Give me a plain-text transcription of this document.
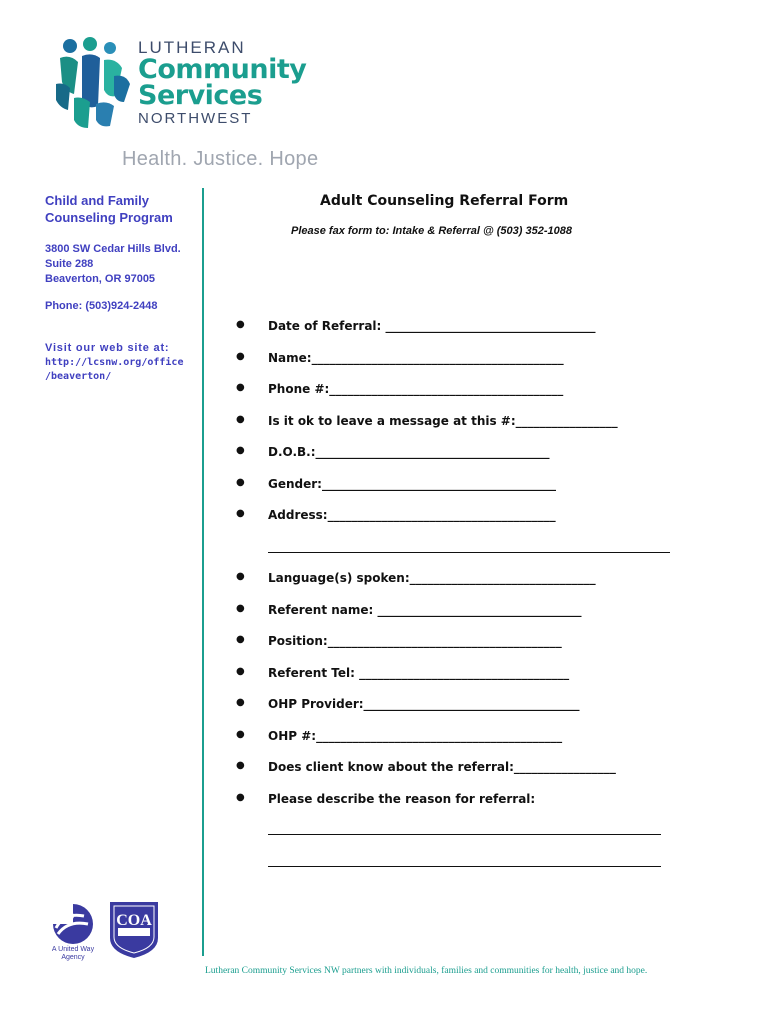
LUTHERAN
Community
Services
NORTHWEST
Health. Justice. Hope
Child and Family
Counseling Program
3800 SW Cedar Hills Blvd.
Suite 288
Beaverton, OR 97005
Phone: (503)924-2448
Visit our web site at:
http://lcsnw.org/office
/beaverton/
Adult Counseling Referral Form
Please fax form to: Intake & Referral @ (503) 352-1088
● Date of Referral: ___________________________________
● Name:__________________________________________
● Phone #:_______________________________________
● Is it ok to leave a message at this #:_________________
● D.O.B.:_______________________________________
● Gender:_______________________________________
● Address:______________________________________
● Language(s) spoken:_______________________________
● Referent name: __________________________________
● Position:_______________________________________
● Referent Tel: ___________________________________
● OHP Provider:____________________________________
● OHP #:_________________________________________
● Does client know about the referral:_________________
● Please describe the reason for referral:
A United Way Agency
COA
Lutheran Community Services NW partners with individuals, families and communities for health, justice and hope.
